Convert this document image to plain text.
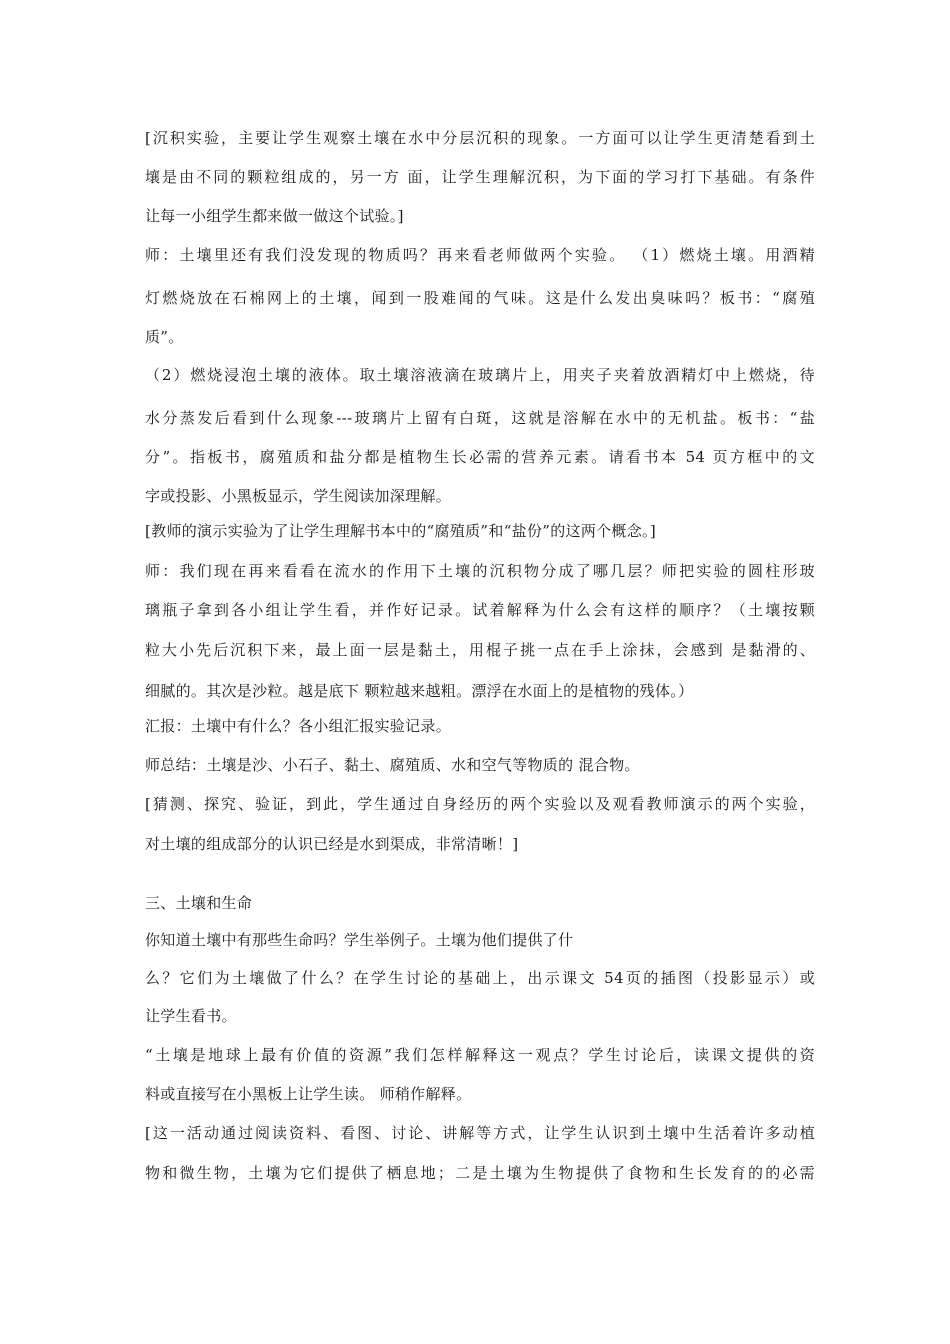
[沉积实验，主要让学生观察土壤在水中分层沉积的现象。一方面可以让学生更清楚看到土
壤是由不同的颗粒组成的，另一方 面，让学生理解沉积，为下面的学习打下基础。有条件
让每一小组学生都来做一做这个试验。]
师：土壤里还有我们没发现的物质吗？再来看老师做两个实验。 （1）燃烧土壤。用酒精
灯燃烧放在石棉网上的土壤，闻到一股难闻的气味。这是什么发出臭味吗？板书：“腐殖
质”。
（2）燃烧浸泡土壤的液体。取土壤溶液滴在玻璃片上，用夹子夹着放酒精灯中上燃烧，待
水分蒸发后看到什么现象---玻璃片上留有白斑，这就是溶解在水中的无机盐。板书：“盐
分”。指板书，腐殖质和盐分都是植物生长必需的营养元素。请看书本 54 页方框中的文
字或投影、小黑板显示，学生阅读加深理解。
[教师的演示实验为了让学生理解书本中的“腐殖质”和“盐份”的这两个概念。]
师：我们现在再来看看在流水的作用下土壤的沉积物分成了哪几层？师把实验的圆柱形玻
璃瓶子拿到各小组让学生看，并作好记录。试着解释为什么会有这样的顺序？（土壤按颗
粒大小先后沉积下来，最上面一层是黏土，用棍子挑一点在手上涂抹，会感到 是黏滑的、
细腻的。其次是沙粒。越是底下 颗粒越来越粗。漂浮在水面上的是植物的残体。）
汇报：土壤中有什么？各小组汇报实验记录。
师总结：土壤是沙、小石子、黏土、腐殖质、水和空气等物质的 混合物。
[猜测、探究、验证，到此，学生通过自身经历的两个实验以及观看教师演示的两个实验，
对土壤的组成部分的认识已经是水到渠成，非常清晰！]
三、土壤和生命
你知道土壤中有那些生命吗？学生举例子。土壤为他们提供了什
么？它们为土壤做了什么？在学生讨论的基础上，出示课文 54页的插图（投影显示）或
让学生看书。
“土壤是地球上最有价值的资源”我们怎样解释这一观点？学生讨论后，读课文提供的资
料或直接写在小黑板上让学生读。 师稍作解释。
[这一活动通过阅读资料、看图、讨论、讲解等方式，让学生认识到土壤中生活着许多动植
物和微生物，土壤为它们提供了栖息地；二是土壤为生物提供了食物和生长发育的的必需
